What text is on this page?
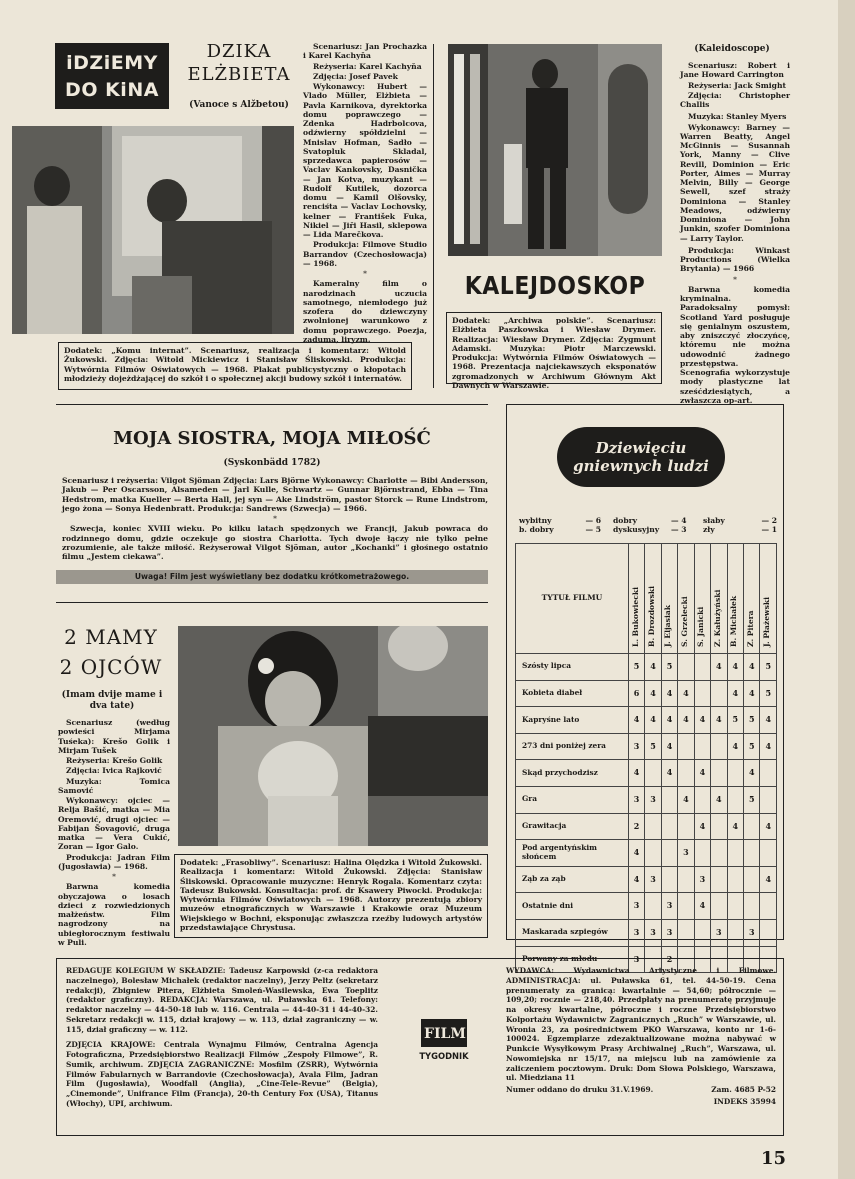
iDZiEMY
DO KiNA
DZIKA
ELŻBIETA
(Vanoce s Alžbetou)

Scenariusz: Jan Prochazka i Karel Kachyňa

Reżyseria: Karel Kachyňa

Zdjęcia: Josef Pavek

Wykonawcy: Hubert — Vlado Müller, Elżbieta — Pavla Karnikova, dyrektorka domu poprawczego — Zdenka Hadrbolcova, odźwierny spółdzielni — Mnislav Hofman, Sadło — Svatopluk Skladal, sprzedawca papierosów — Vaclav Kankovsky, Dasnička — Jan Kotva, muzykant — Rudolf Kutilek, dozorca domu — Kamil Olšovsky, renciśta — Vaclav Lochovsky, kelner — František Fuka, Nikiel — Jiři Hasil, sklepowa — Lida Marečkova.

Produkcja: Filmove Studio Barrandov (Czechosłowacja) — 1968.

*

Kameralny film o narodzinach uczucia samotnego, niemłodego już szofera do dziewczyny zwolnionej warunkowo z domu poprawczego. Poezja, zaduma, liryzm.

Dodatek: „Komu internat”. Scenariusz, realizacja i komentarz: Witold Żukowski. Zdjęcia: Witold Mickiewicz i Stanisław Śliskowski. Produkcja: Wytwórnia Filmów Oświatowych — 1968. Plakat publicystyczny o kłopotach młodzieży dojeżdżającej do szkół i o społecznej akcji budowy szkół i internatów.
(Kaleidoscope)

Scenariusz: Robert i Jane Howard Carrington

Reżyseria: Jack Smight

Zdjęcia: Christopher Challis

Muzyka: Stanley Myers

Wykonawcy: Barney — Warren Beatty, Angel McGinnis — Susannah York, Manny — Clive Revill, Dominion — Eric Porter, Aimes — Murray Melvin, Billy — George Sewell, szef straży Dominiona — Stanley Meadows, odźwierny Dominiona — John Junkin, szofer Dominiona — Larry Taylor.

Produkcja: Winkast Productions (Wielka Brytania) — 1966

*

Barwna komedia kryminalna. Paradoksalny pomysł: Scotland Yard posługuje się genialnym oszustem, aby zniszczyć złoczyńcę, któremu nie można udowodnić żadnego przestępstwa. Scenografia wykorzystuje mody plastyczne lat sześćdziesiątych, a zwłaszcza op-art.

KALEJDOSKOP
Dodatek: „Archiwa polskie”. Scenariusz: Elżbieta Paszkowska i Wiesław Drymer. Realizacja: Wiesław Drymer. Zdjęcia: Zygmunt Adamski. Muzyka: Piotr Marczewski. Produkcja: Wytwórnia Filmów Oświatowych — 1968. Prezentacja najciekawszych eksponatów zgromadzonych w Archiwum Głównym Akt Dawnych w Warszawie.
MOJA SIOSTRA, MOJA MIŁOŚĆ
(Syskonbädd 1782)

Scenariusz i reżyseria: Vilgot Sjöman Zdjęcia: Lars Björne Wykonawcy: Charlotte — Bibi Andersson, Jakub — Per Oscarsson, Alsameden — Jarl Kulle, Schwartz — Gunnar Björnstrand, Ebba — Tina Hedstrom, matka Kueller — Berta Hall, jej syn — Ake Lindström, pastor Storck — Rune Lindstrom, jego żona — Sonya Hedenbratt. Produkcja: Sandrews (Szwecja) — 1966.

*

Szwecja, koniec XVIII wieku. Po kilku latach spędzonych we Francji, Jakub powraca do rodzinnego domu, gdzie oczekuje go siostra Charlotta. Tych dwoje łączy nie tylko pełne zrozumienie, ale także miłość. Reżyserował Vilgot Sjöman, autor „Kochanki” i głośnego ostatnio filmu „Jestem ciekawa”.

Uwaga! Film jest wyświetlany bez dodatku krótkometrażowego.
2 MAMY
2 OJCÓW
(Imam dvije mame i dva tate)

Scenariusz (według powieści Mirjama Tuśeka): Krešo Golik i Mirjam Tušek

Reżyseria: Krešo Golik

Zdjęcia: Ivica Rajković

Muzyka: Tomica Samović

Wykonawcy: ojciec — Relja Bašić, matka — Mia Oremović, drugi ojciec — Fabijan Šovagović, druga matka — Vera Cukić, Zoran — Igor Galo.

Produkcja: Jadran Film (Jugosławia) — 1968.

*

Barwna komedia obyczajowa o losach dzieci z rozwiedzionych małżeństw. Film nagrodzony na ubiegłorocznym festiwalu w Puli.

Dodatek: „Frasobliwy”. Scenariusz: Halina Olędzka i Witold Żukowski. Realizacja i komentarz: Witold Żukowski. Zdjęcia: Stanisław Śliskowski. Opracowanie muzyczne: Henryk Rogala. Komentarz czyta: Tadeusz Bukowski. Konsultacja: prof. dr Ksawery Piwocki. Produkcja: Wytwórnia Filmów Oświatowych — 1968. Autorzy prezentują zbiory muzeów etnograficznych w Warszawie i Krakowie oraz Muzeum Wiejskiego w Bochni, eksponując zwłaszcza rzeźby ludowych artystów przedstawiające Chrystusa.
Dziewięciu
gniewnych ludzi
wybitny	— 6	dobry	— 4	słaby	— 2
b. dobry	— 5	dyskusyjny	— 3	zły	— 1
TYTUŁ FILMU	L. Bukowiecki	B. Drozdowski	J. Eljasiak	S. Grzelecki	S. Janicki	Z. Kałużyński	B. Michałek	Z. Pitera	J. Płażewski

Szósty lipca	5	4	5			4	4	4	5
Kobieta diabeł	6	4	4	4			4	4	5
Kapryśne lato	4	4	4	4	4	4	5	5	4
273 dni poniżej zera	3	5	4				4	5	4
Skąd przychodzisz	4		4		4			4	
Gra	3	3		4		4		5	
Grawitacja	2				4		4		4
Pod argentyńskim słońcem	4			3					
Ząb za ząb	4	3			3				4
Ostatnie dni	3		3		4				
Maskarada szpiegów	3	3	3			3		3	
Porwany za młodu	3		2						

REDAGUJE KOLEGIUM W SKŁADZIE: Tadeusz Karpowski (z-ca redaktora naczelnego), Bolesław Michałek (redaktor naczelny), Jerzy Peltz (sekretarz redakcji), Zbigniew Pitera, Elżbieta Smoleń-Wasilewska, Ewa Toeplitz (redaktor graficzny). REDAKCJA: Warszawa, ul. Puławska 61. Telefony: redaktor naczelny — 44-50-18 lub w. 116. Centrala — 44-40-31 i 44-40-32. Sekretarz redakcji w. 115, dział krajowy — w. 113, dział zagraniczny — w. 115, dział graficzny — w. 112.

ZDJĘCIA KRAJOWE: Centrala Wynajmu Filmów, Centralna Agencja Fotograficzna, Przedsiębiorstwo Realizacji Filmów „Zespoły Filmowe”, R. Sumik, archiwum. ZDJĘCIA ZAGRANICZNE: Mosfilm (ZSRR), Wytwórnia Filmów Fabularnych w Barrandovie (Czechosłowacja), Avala Film, Jadran Film (Jugosławia), Woodfall (Anglia), „Cine-Tele-Revue” (Belgia), „Cinemonde”, Unifrance Film (Francja), 20-th Century Fox (USA), Titanus (Włochy), UPI, archiwum.

FILM
TYGODNIK

WYDAWCA: Wydawnictwa Artystyczne i Filmowe. ADMINISTRACJA: ul. Puławska 61, tel. 44-50-19. Cena prenumeraty za granicą: kwartalnie — 54,60; półrocznie — 109,20; rocznie — 218,40. Przedpłaty na prenumeratę przyjmuje na okresy kwartalne, półroczne i roczne Przedsiębiorstwo Kolportażu Wydawnictw Zagranicznych „Ruch” w Warszawie, ul. Wronia 23, za pośrednictwem PKO Warszawa, konto nr 1-6-100024. Egzemplarze zdezaktualizowane można nabywać w Punkcie Wysyłkowym Prasy Archiwalnej „Ruch”, Warszawa, ul. Nowomiejska nr 15/17, na miejscu lub na zamówienie za zaliczeniem pocztowym. Druk: Dom Słowa Polskiego, Warszawa, ul. Miedziana 11

Numer oddano do druku 31.V.1969.	Zam. 4685 P-52
INDEKS 35994
15
